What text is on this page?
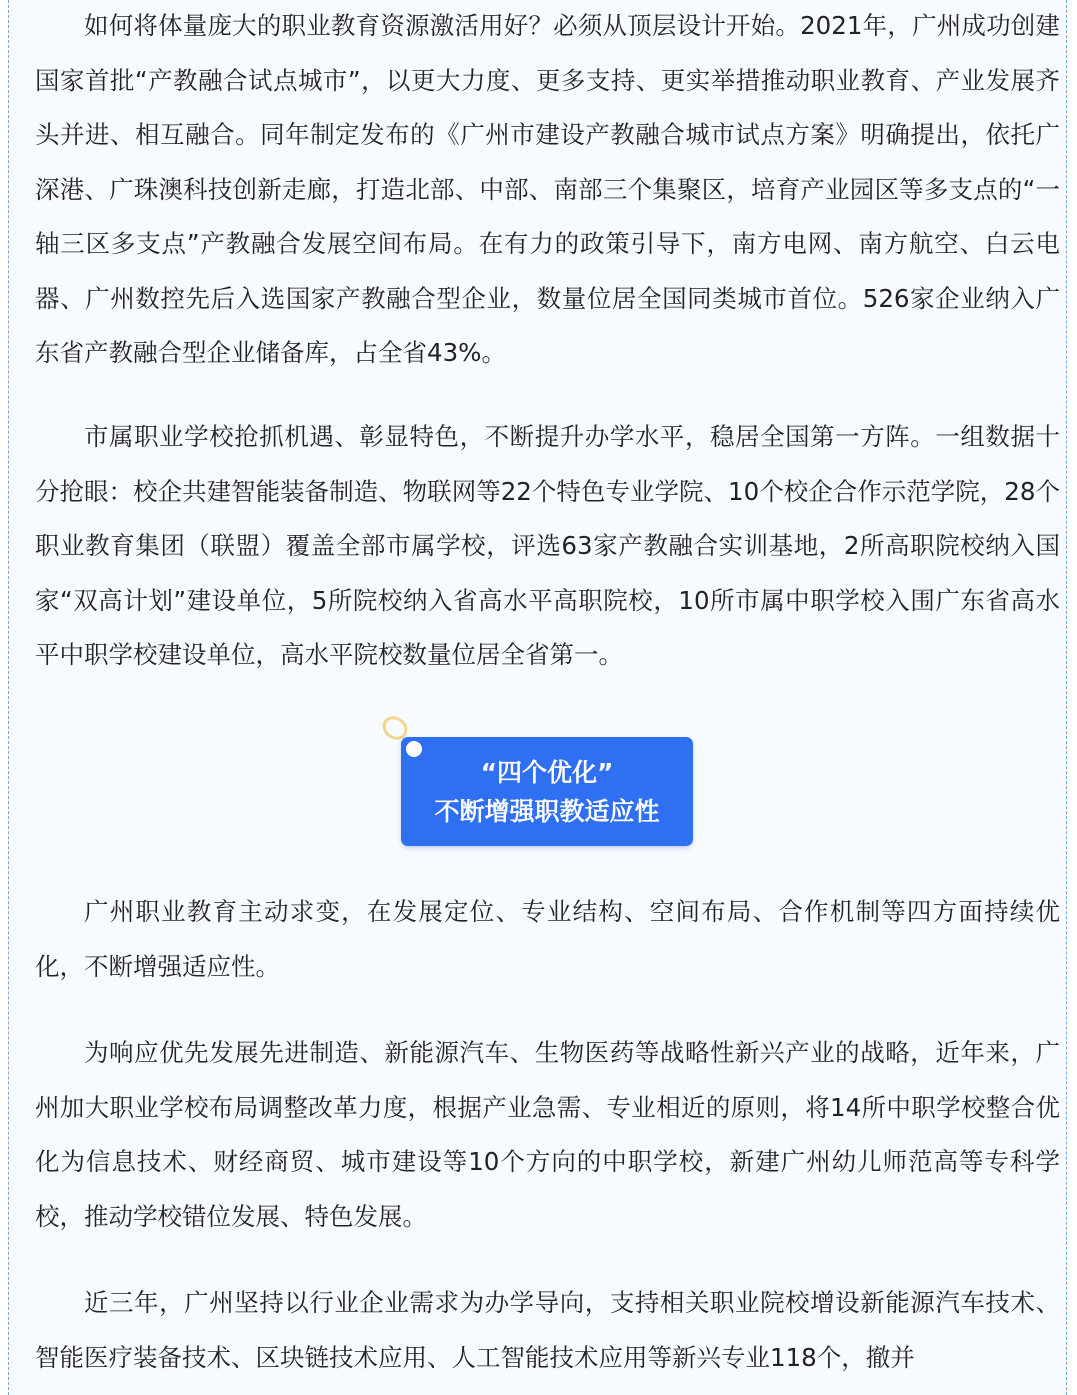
如何将体量庞大的职业教育资源激活用好？必须从顶层设计开始。2021年，广州成功创建国家首批“产教融合试点城市”，以更大力度、更多支持、更实举措推动职业教育、产业发展齐头并进、相互融合。同年制定发布的《广州市建设产教融合城市试点方案》明确提出，依托广深港、广珠澳科技创新走廊，打造北部、中部、南部三个集聚区，培育产业园区等多支点的“一轴三区多支点”产教融合发展空间布局。在有力的政策引导下，南方电网、南方航空、白云电器、广州数控先后入选国家产教融合型企业，数量位居全国同类城市首位。526家企业纳入广东省产教融合型企业储备库，占全省43%。

市属职业学校抢抓机遇、彰显特色，不断提升办学水平，稳居全国第一方阵。一组数据十分抢眼：校企共建智能装备制造、物联网等22个特色专业学院、10个校企合作示范学院，28个职业教育集团（联盟）覆盖全部市属学校，评选63家产教融合实训基地，2所高职院校纳入国家“双高计划”建设单位，5所院校纳入省高水平高职院校，10所市属中职学校入围广东省高水平中职学校建设单位，高水平院校数量位居全省第一。

“四个优化”
不断增强职教适应性

广州职业教育主动求变，在发展定位、专业结构、空间布局、合作机制等四方面持续优化，不断增强适应性。

为响应优先发展先进制造、新能源汽车、生物医药等战略性新兴产业的战略，近年来，广州加大职业学校布局调整改革力度，根据产业急需、专业相近的原则，将14所中职学校整合优化为信息技术、财经商贸、城市建设等10个方向的中职学校，新建广州幼儿师范高等专科学校，推动学校错位发展、特色发展。

近三年，广州坚持以行业企业需求为办学导向，支持相关职业院校增设新能源汽车技术、智能医疗装备技术、区块链技术应用、人工智能技术应用等新兴专业118个，撤并
